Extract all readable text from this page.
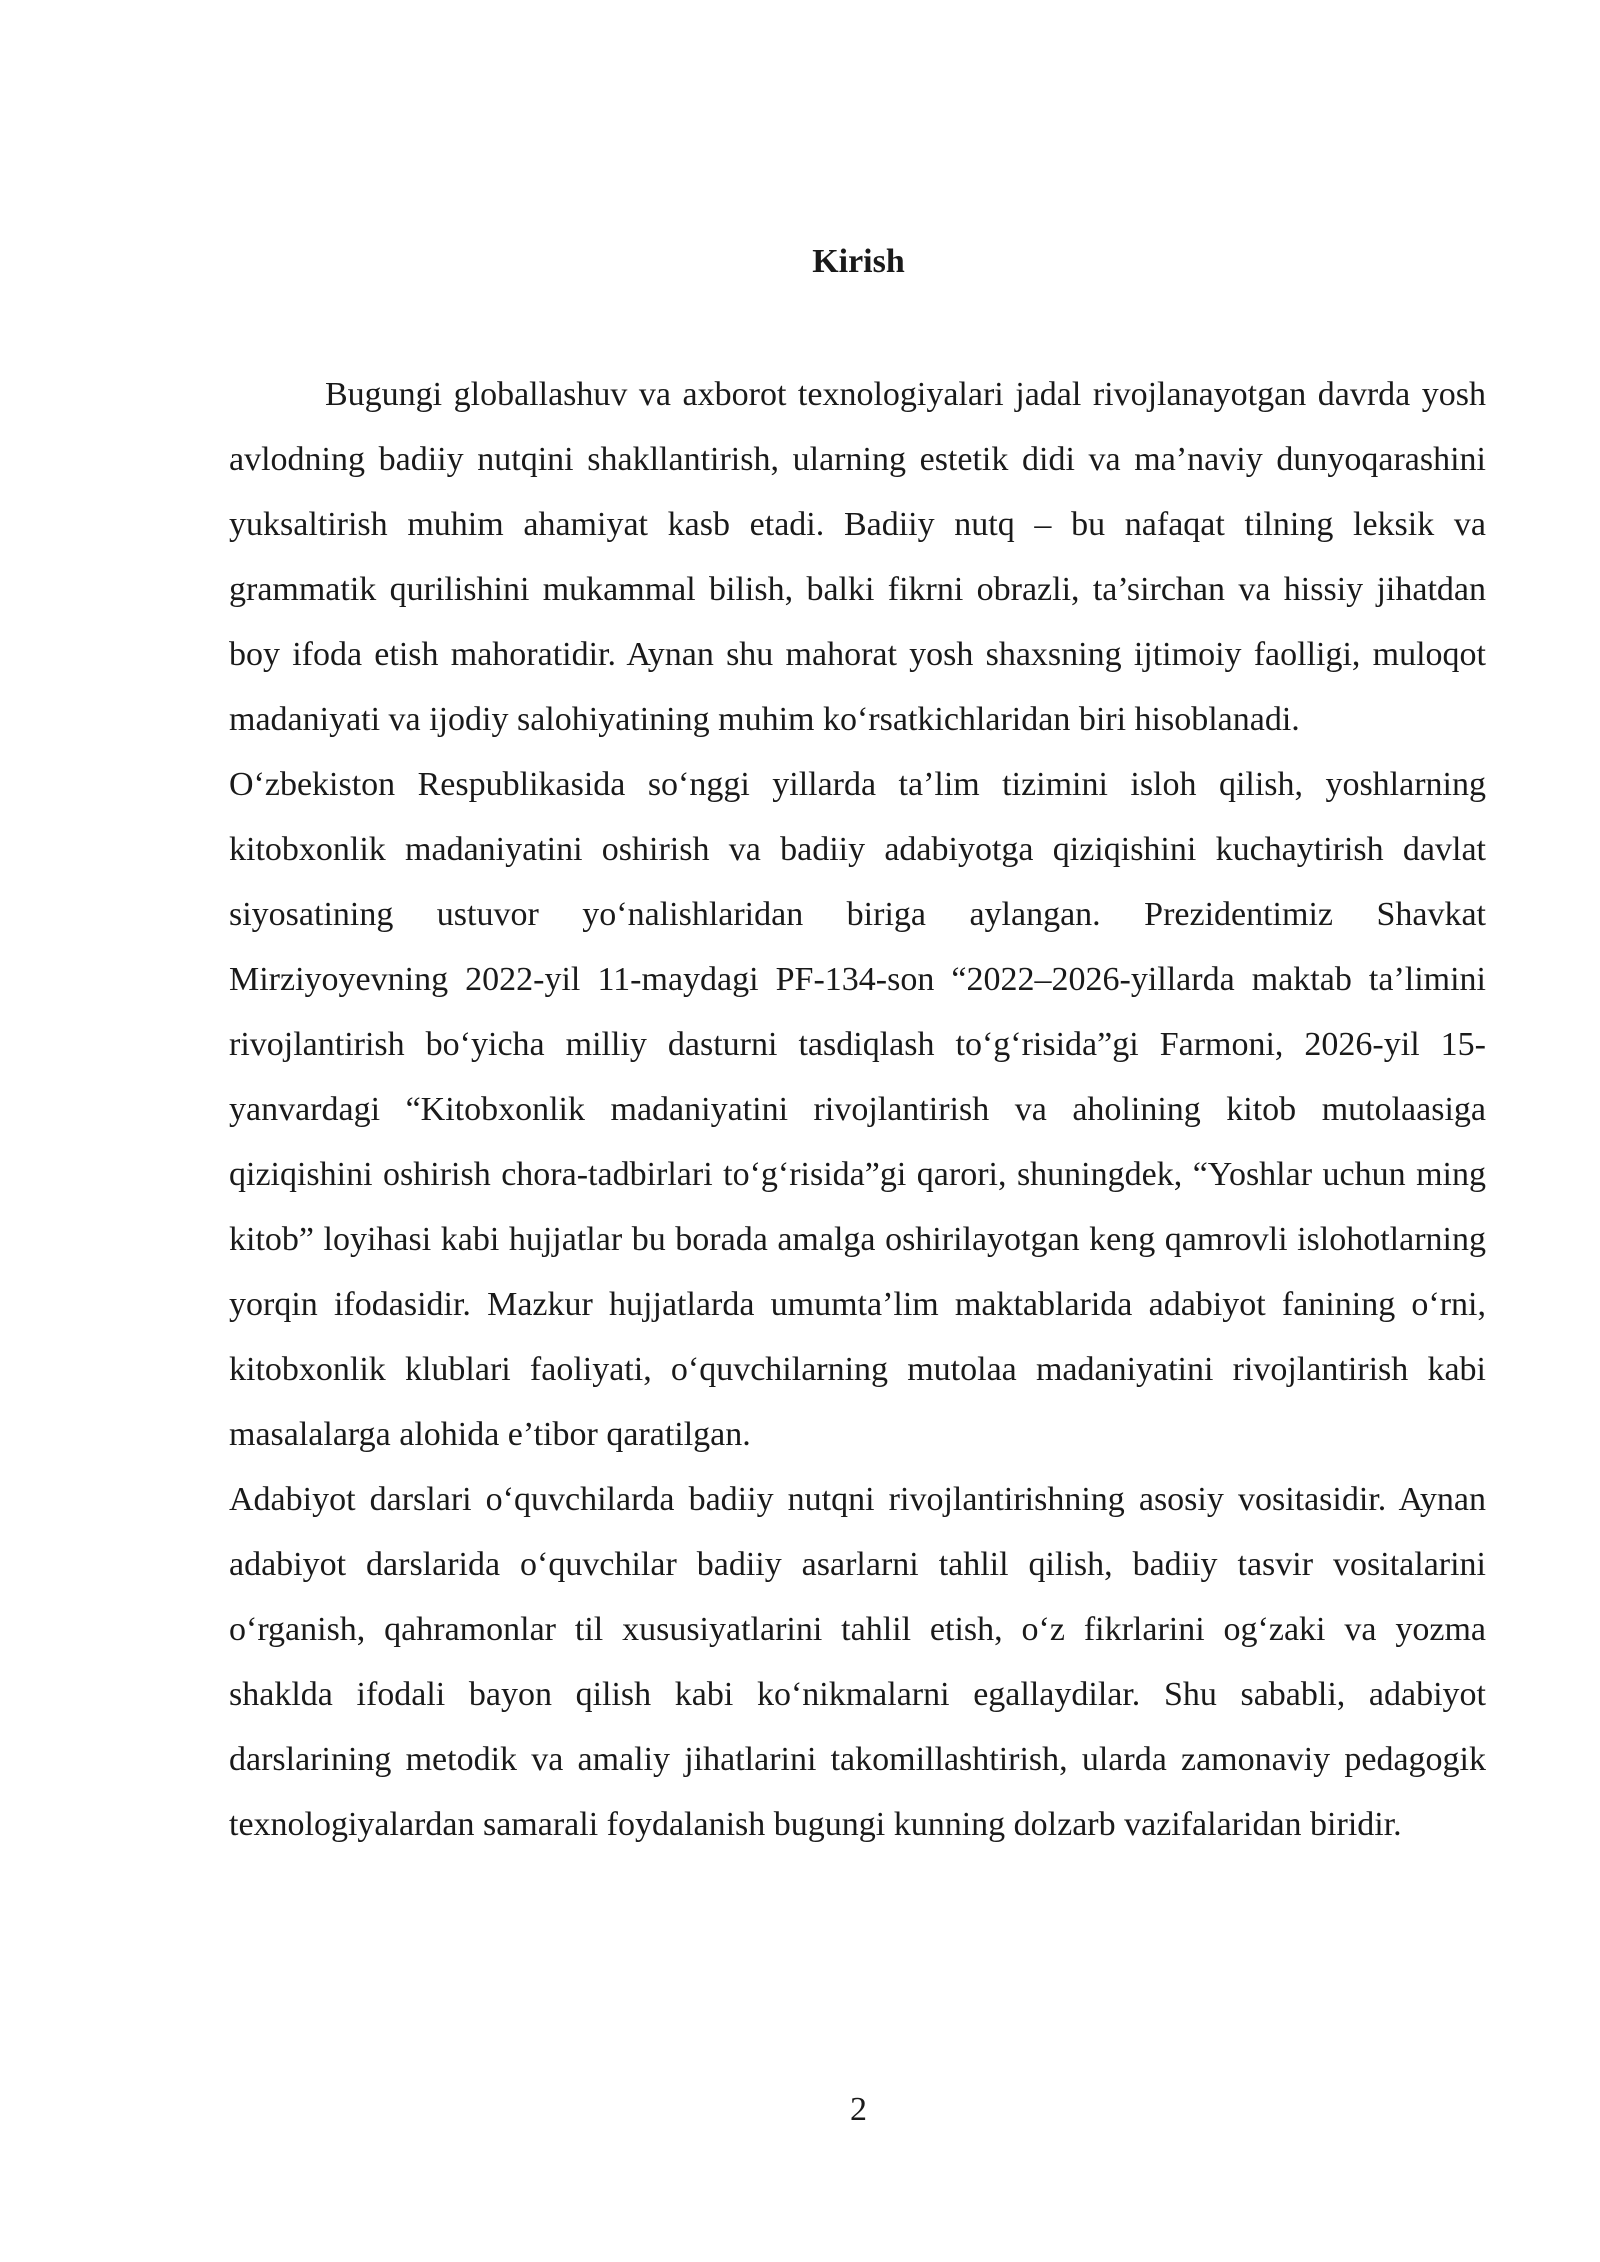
Kirish

Bugungi globallashuv va axborot texnologiyalari jadal rivojlanayotgan davrda yosh avlodning badiiy nutqini shakllantirish, ularning estetik didi va ma’naviy dunyoqarashini yuksaltirish muhim ahamiyat kasb etadi. Badiiy nutq – bu nafaqat tilning leksik va grammatik qurilishini mukammal bilish, balki fikrni obrazli, ta’sirchan va hissiy jihatdan boy ifoda etish mahoratidir. Aynan shu mahorat yosh shaxsning ijtimoiy faolligi, muloqot madaniyati va ijodiy salohiyatining muhim ko‘rsatkichlaridan biri hisoblanadi.

O‘zbekiston Respublikasida so‘nggi yillarda ta’lim tizimini isloh qilish, yoshlarning kitobxonlik madaniyatini oshirish va badiiy adabiyotga qiziqishini kuchaytirish davlat siyosatining ustuvor yo‘nalishlaridan biriga aylangan. Prezidentimiz Shavkat Mirziyoyevning 2022-yil 11-maydagi PF-134-son “2022–2026-yillarda maktab ta’limini rivojlantirish bo‘yicha milliy dasturni tasdiqlash to‘g‘risida”gi Farmoni, 2026-yil 15-yanvardagi “Kitobxonlik madaniyatini rivojlantirish va aholining kitob mutolaasiga qiziqishini oshirish chora-tadbirlari to‘g‘risida”gi qarori, shuningdek, “Yoshlar uchun ming kitob” loyihasi kabi hujjatlar bu borada amalga oshirilayotgan keng qamrovli islohotlarning yorqin ifodasidir. Mazkur hujjatlarda umumta’lim maktablarida adabiyot fanining o‘rni, kitobxonlik klublari faoliyati, o‘quvchilarning mutolaa madaniyatini rivojlantirish kabi masalalarga alohida e’tibor qaratilgan.

Adabiyot darslari o‘quvchilarda badiiy nutqni rivojlantirishning asosiy vositasidir. Aynan adabiyot darslarida o‘quvchilar badiiy asarlarni tahlil qilish, badiiy tasvir vositalarini o‘rganish, qahramonlar til xususiyatlarini tahlil etish, o‘z fikrlarini og‘zaki va yozma shaklda ifodali bayon qilish kabi ko‘nikmalarni egallaydilar. Shu sababli, adabiyot darslarining metodik va amaliy jihatlarini takomillashtirish, ularda zamonaviy pedagogik texnologiyalardan samarali foydalanish bugungi kunning dolzarb vazifalaridan biridir.

2
